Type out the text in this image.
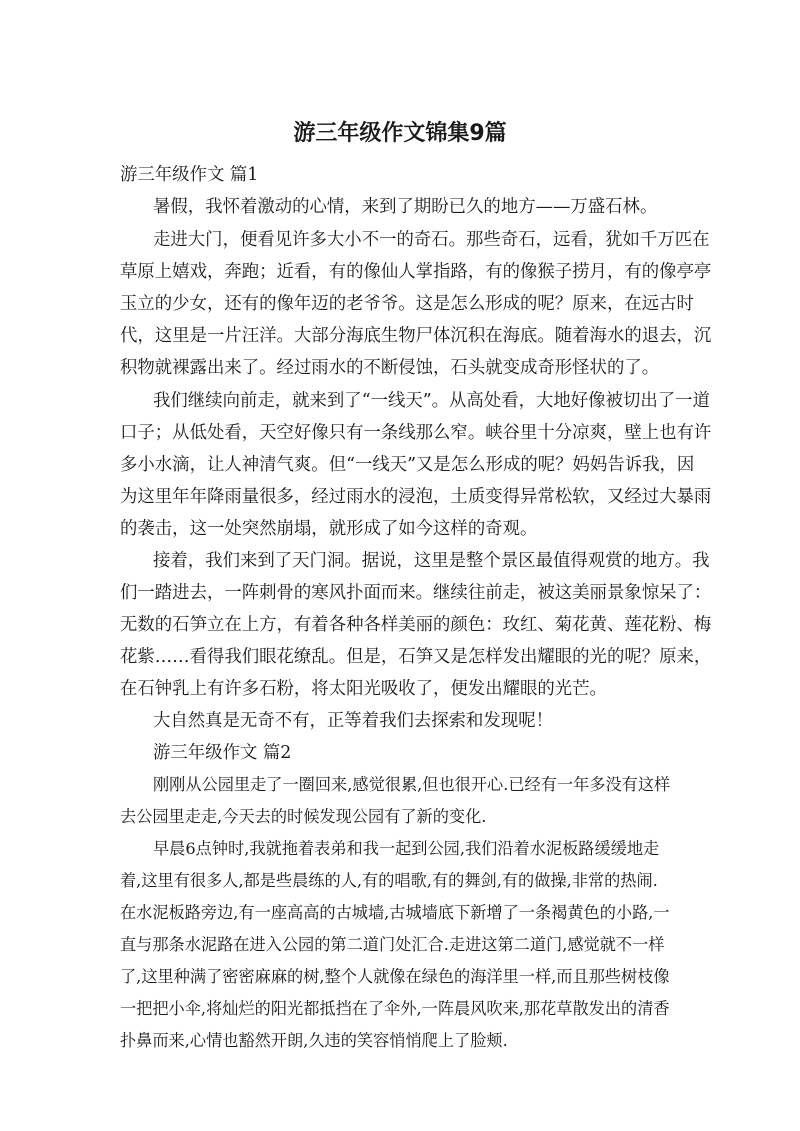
游三年级作文锦集9篇

游三年级作文 篇1

暑假，我怀着激动的心情，来到了期盼已久的地方——万盛石林。

走进大门，便看见许多大小不一的奇石。那些奇石，远看，犹如千万匹在

草原上嬉戏，奔跑；近看，有的像仙人掌指路，有的像猴子捞月，有的像亭亭

玉立的少女，还有的像年迈的老爷爷。这是怎么形成的呢？原来，在远古时

代，这里是一片汪洋。大部分海底生物尸体沉积在海底。随着海水的退去，沉

积物就裸露出来了。经过雨水的不断侵蚀，石头就变成奇形怪状的了。

我们继续向前走，就来到了“一线天”。从高处看，大地好像被切出了一道

口子；从低处看，天空好像只有一条线那么窄。峡谷里十分凉爽，壁上也有许

多小水滴，让人神清气爽。但“一线天”又是怎么形成的呢？妈妈告诉我，因

为这里年年降雨量很多，经过雨水的浸泡，土质变得异常松软，又经过大暴雨

的袭击，这一处突然崩塌，就形成了如今这样的奇观。

接着，我们来到了天门洞。据说，这里是整个景区最值得观赏的地方。我

们一踏进去，一阵刺骨的寒风扑面而来。继续往前走，被这美丽景象惊呆了：

无数的石笋立在上方，有着各种各样美丽的颜色：玫红、菊花黄、莲花粉、梅

花紫……看得我们眼花缭乱。但是，石笋又是怎样发出耀眼的光的呢？原来，

在石钟乳上有许多石粉，将太阳光吸收了，便发出耀眼的光芒。

大自然真是无奇不有，正等着我们去探索和发现呢！

游三年级作文 篇2

刚刚从公园里走了一圈回来,感觉很累,但也很开心.已经有一年多没有这样

去公园里走走,今天去的时候发现公园有了新的变化.

早晨6点钟时,我就拖着表弟和我一起到公园,我们沿着水泥板路缓缓地走

着,这里有很多人,都是些晨练的人,有的唱歌,有的舞剑,有的做操,非常的热闹.

在水泥板路旁边,有一座高高的古城墙,古城墙底下新增了一条褐黄色的小路,一

直与那条水泥路在进入公园的第二道门处汇合.走进这第二道门,感觉就不一样

了,这里种满了密密麻麻的树,整个人就像在绿色的海洋里一样,而且那些树枝像

一把把小伞,将灿烂的阳光都抵挡在了伞外,一阵晨风吹来,那花草散发出的清香

扑鼻而来,心情也豁然开朗,久违的笑容悄悄爬上了脸颊.
